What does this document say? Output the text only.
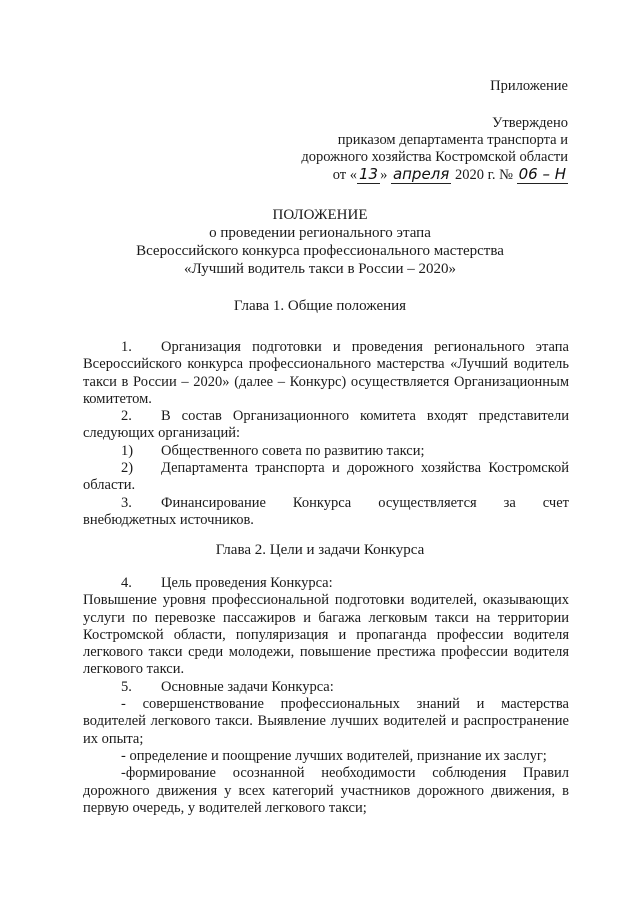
Приложение
Утверждено
приказом департамента транспорта и
дорожного хозяйства Костромской области
от « 13 » апреля 2020 г. № 06 – Н
ПОЛОЖЕНИЕ
о проведении регионального этапа
Всероссийского конкурса профессионального мастерства
«Лучший водитель такси в России – 2020»
Глава 1. Общие положения

1. Организация подготовки и проведения регионального этапа Всероссийского конкурса профессионального мастерства «Лучший водитель такси в России – 2020» (далее – Конкурс) осуществляется Организационным комитетом.

2. В состав Организационного комитета входят представители следующих организаций:

1) Общественного совета по развитию такси;

2) Департамента транспорта и дорожного хозяйства Костромской области.

3. Финансирование Конкурса осуществляется за счет внебюджетных источников.

Глава 2. Цели и задачи Конкурса

4. Цель проведения Конкурса:

Повышение уровня профессиональной подготовки водителей, оказывающих услуги по перевозке пассажиров и багажа легковым такси на территории Костромской области, популяризация и пропаганда профессии водителя легкового такси среди молодежи, повышение престижа профессии водителя легкового такси.

5. Основные задачи Конкурса:

- совершенствование профессиональных знаний и мастерства водителей легкового такси. Выявление лучших водителей и распространение их опыта;

- определение и поощрение лучших водителей, признание их заслуг;

-формирование осознанной необходимости соблюдения Правил дорожного движения у всех категорий участников дорожного движения, в первую очередь, у водителей легкового такси;
